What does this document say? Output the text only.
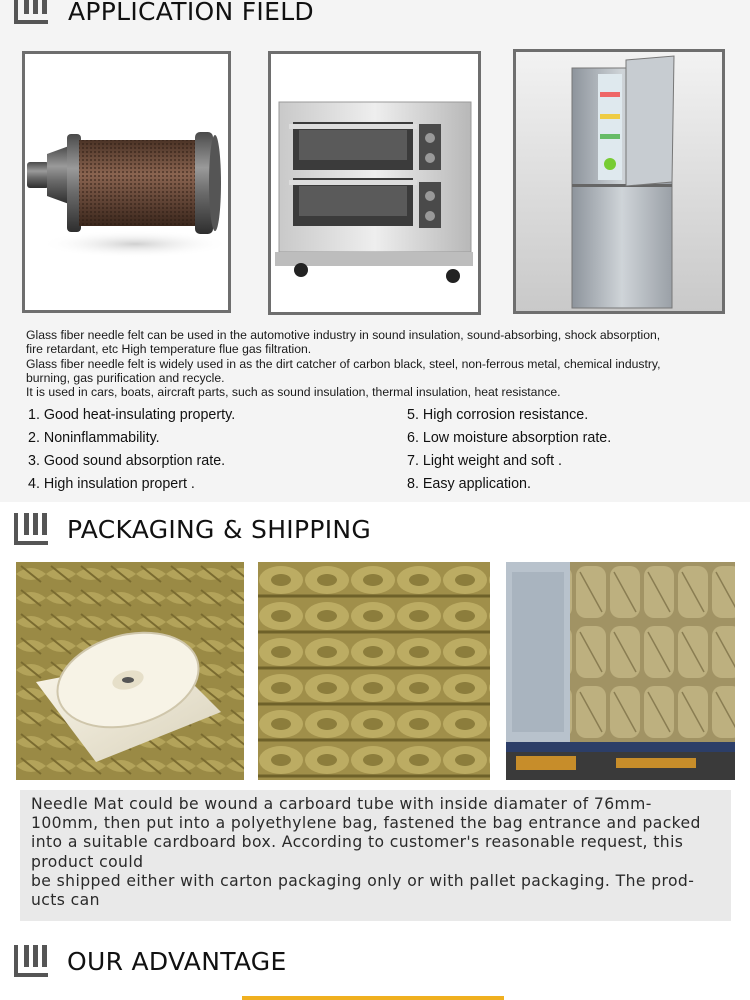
APPLICATION FIELD
Glass fiber needle felt can be used in the automotive industry in sound insulation, sound-absorbing, shock absorption,
fire retardant, etc High temperature flue gas filtration.
Glass fiber needle felt is widely used in as the dirt catcher of carbon black, steel, non-ferrous metal, chemical industry,
burning, gas purification and recycle.
It is used in cars, boats, aircraft parts, such as sound insulation, thermal insulation, heat resistance.
1. Good heat-insulating property.
2. Noninflammability.
3. Good sound absorption rate.
4. High insulation propert .
5. High corrosion resistance.
6. Low moisture absorption rate.
7. Light weight and soft .
8. Easy application.
PACKAGING & SHIPPING
Needle Mat could be wound a carboard tube with inside diamater of 76mm-
100mm, then put into a polyethylene bag, fastened the bag entrance and packed
into a suitable cardboard box. According to customer's reasonable request, this
product could
be shipped either with carton packaging only or with pallet packaging. The prod-
ucts can
OUR ADVANTAGE
